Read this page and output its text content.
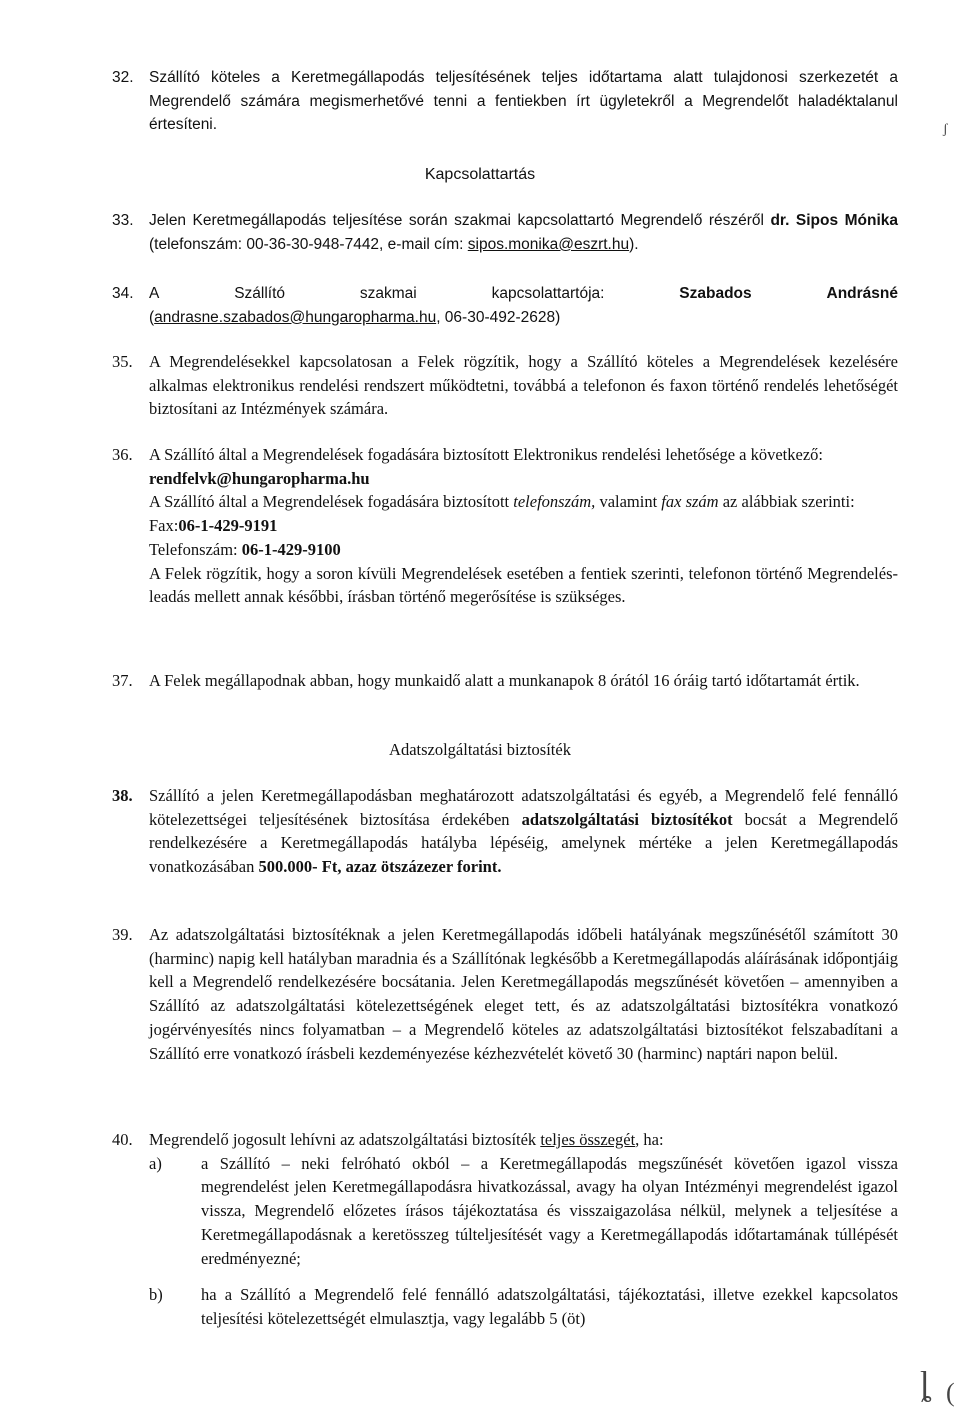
32. Szállító köteles a Keretmegállapodás teljesítésének teljes időtartama alatt tulajdonosi szerkezetét a Megrendelő számára megismerhetővé tenni a fentiekben írt ügyletekről a Megrendelőt haladéktalanul értesíteni.
Kapcsolattartás
33. Jelen Keretmegállapodás teljesítése során szakmai kapcsolattartó Megrendelő részéről dr. Sipos Mónika (telefonszám: 00-36-30-948-7442, e-mail cím: sipos.monika@eszrt.hu).
34. A	Szállító	szakmai	kapcsolattartója:	Szabados	Andrásné
(andrasne.szabados@hungaropharma.hu, 06-30-492-2628)
35. A Megrendelésekkel kapcsolatosan a Felek rögzítik, hogy a Szállító köteles a Megrendelések kezelésére alkalmas elektronikus rendelési rendszert működtetni, továbbá a telefonon és faxon történő rendelés lehetőségét biztosítani az Intézmények számára.
36. A Szállító által a Megrendelések fogadására biztosított Elektronikus rendelési lehetősége a következő:
rendfelvk@hungaropharma.hu
A Szállító által a Megrendelések fogadására biztosított telefonszám, valamint fax szám az alábbiak szerinti:
Fax:06-1-429-9191
Telefonszám: 06-1-429-9100
A Felek rögzítik, hogy a soron kívüli Megrendelések esetében a fentiek szerinti, telefonon történő Megrendelés-leadás mellett annak későbbi, írásban történő megerősítése is szükséges.
37. A Felek megállapodnak abban, hogy munkaidő alatt a munkanapok 8 órától 16 óráig tartó időtartamát értik.
Adatszolgáltatási biztosíték
38. Szállító a jelen Keretmegállapodásban meghatározott adatszolgáltatási és egyéb, a Megrendelő felé fennálló kötelezettségei teljesítésének biztosítása érdekében adatszolgáltatási biztosítékot bocsát a Megrendelő rendelkezésére a Keretmegállapodás hatályba lépéséig, amelynek mértéke a jelen Keretmegállapodás vonatkozásában 500.000- Ft, azaz ötszázezer forint.
39. Az adatszolgáltatási biztosítéknak a jelen Keretmegállapodás időbeli hatályának megszűnésétől számított 30 (harminc) napig kell hatályban maradnia és a Szállítónak legkésőbb a Keretmegállapodás aláírásának időpontjáig kell a Megrendelő rendelkezésére bocsátania. Jelen Keretmegállapodás megszűnését követően – amennyiben a Szállító az adatszolgáltatási kötelezettségének eleget tett, és az adatszolgáltatási biztosítékra vonatkozó jogérvényesítés nincs folyamatban – a Megrendelő köteles az adatszolgáltatási biztosítékot felszabadítani a Szállító erre vonatkozó írásbeli kezdeményezése kézhezvételét követő 30 (harminc) naptári napon belül.
40. Megrendelő jogosult lehívni az adatszolgáltatási biztosíték teljes összegét, ha:
a) a Szállító – neki felróható okból – a Keretmegállapodás megszűnését követően igazol vissza megrendelést jelen Keretmegállapodásra hivatkozással, avagy ha olyan Intézményi megrendelést igazol vissza, Megrendelő előzetes írásos tájékoztatása és visszaigazolása nélkül, melynek a teljesítése a Keretmegállapodásnak a keretösszeg túlteljesítését vagy a Keretmegállapodás időtartamának túllépését eredményezné;
b) ha a Szállító a Megrendelő felé fennálló adatszolgáltatási, tájékoztatási, illetve ezekkel kapcsolatos teljesítési kötelezettségét elmulasztja, vagy legalább 5 (öt)
ʃ
ȴ (
